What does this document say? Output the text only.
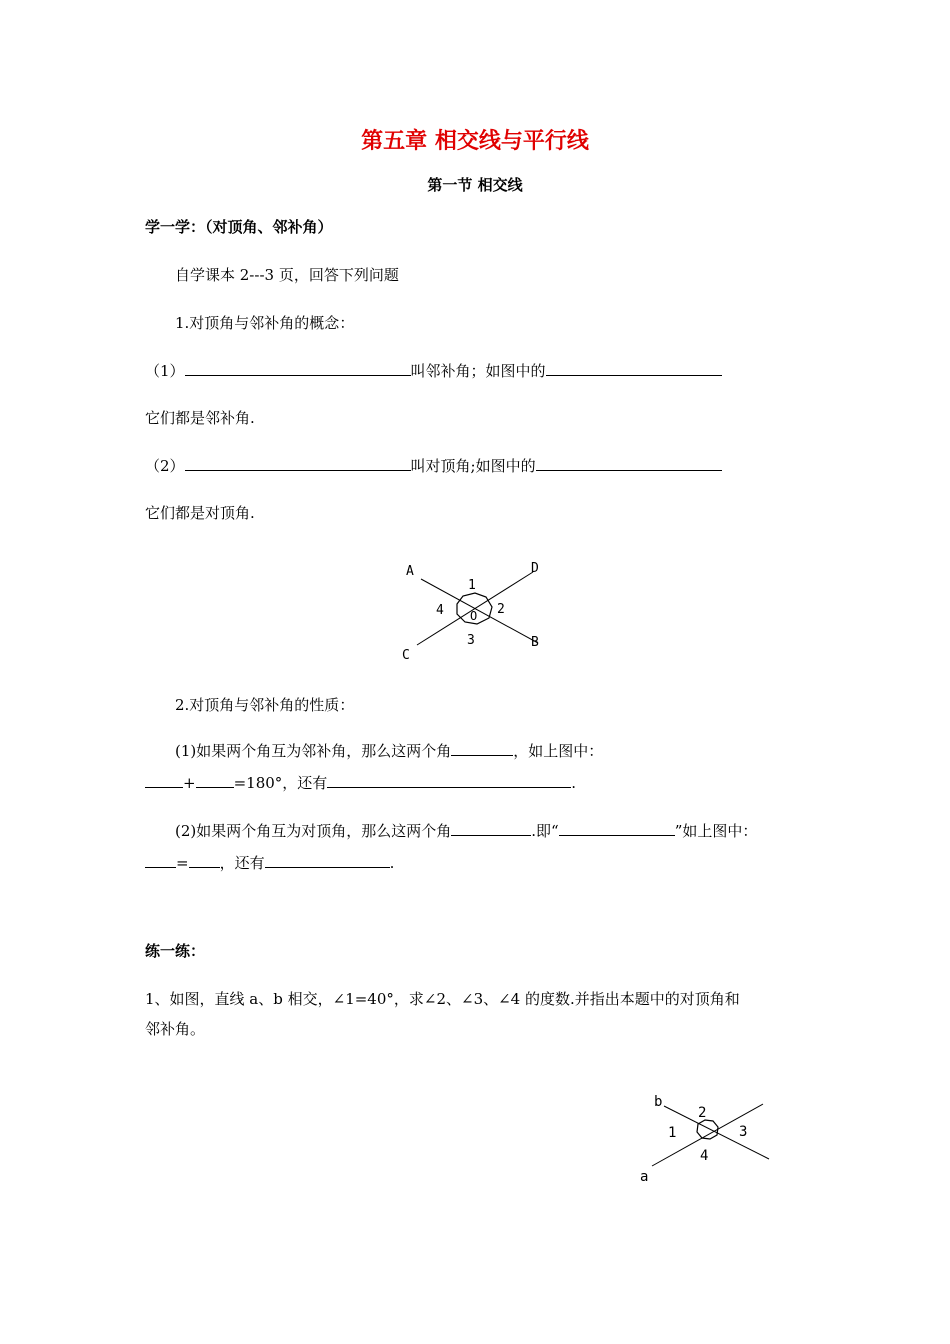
第五章 相交线与平行线
第一节 相交线
学一学：（对顶角、邻补角）
自学课本 2---3 页，回答下列问题
1.对顶角与邻补角的概念：
（1）	叫邻补角；如图中的
它们都是邻补角.
（2）	叫对顶角;如图中的
它们都是对顶角.
A	D
B
C
1
2
3
4 O
2.对顶角与邻补角的性质：
(1)如果两个角互为邻补角，那么这两个角	，如上图中：
+	=180°，还有	.
(2)如果两个角互为对顶角，那么这两个角	.即“	”如上图中：
= ，还有	.
练一练：
1、如图，直线 a、b 相交，∠1=40°，求∠2、∠3、∠4 的度数.并指出本题中的对顶角和
邻补角。
b
a
1
2
3
4
